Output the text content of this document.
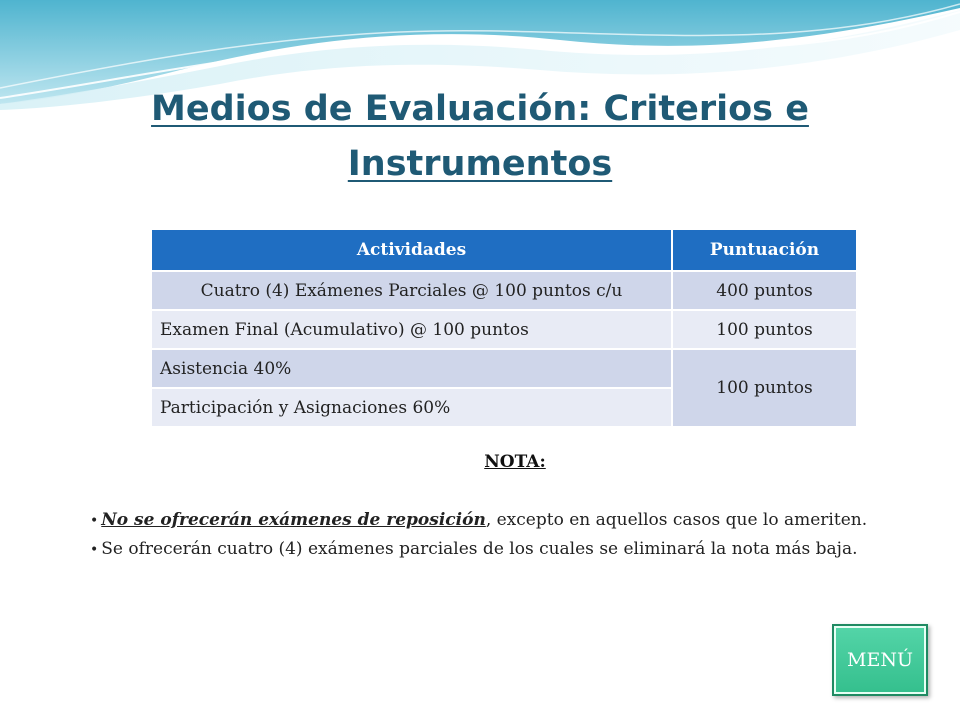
Medios de Evaluación: Criterios e
Instrumentos
Actividades	Puntuación
Cuatro (4) Exámenes Parciales @ 100 puntos c/u	400 puntos
Examen Final (Acumulativo) @ 100 puntos	100 puntos
Asistencia 40%	100 puntos
Participación y Asignaciones 60%	
NOTA:

• No se ofrecerán exámenes de reposición, excepto en aquellos casos que lo ameriten.

• Se ofrecerán cuatro (4) exámenes parciales de los cuales se eliminará la nota más baja.

MENÚ
